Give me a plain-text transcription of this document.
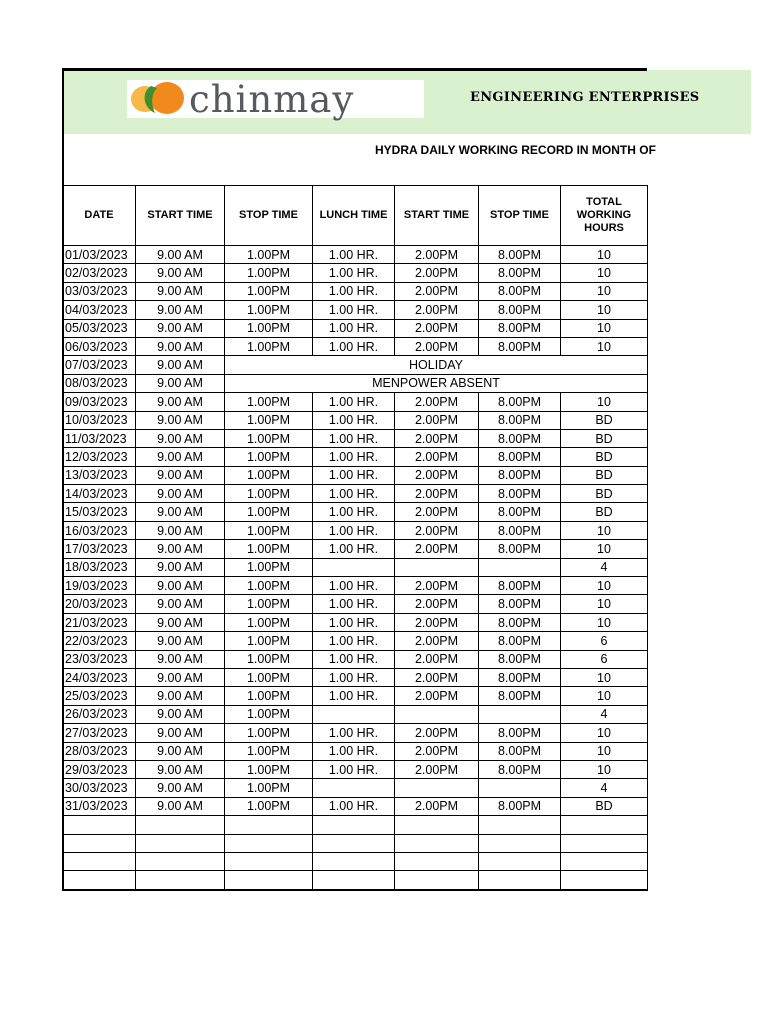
chinmay	ENGINEERING ENTERPRISES
HYDRA DAILY WORKING RECORD IN MONTH OF
DATE	START TIME	STOP TIME	LUNCH TIME	START TIME	STOP TIME	TOTAL WORKING HOURS
01/03/2023	9.00 AM	1.00PM	1.00 HR.	2.00PM	8.00PM	10
02/03/2023	9.00 AM	1.00PM	1.00 HR.	2.00PM	8.00PM	10
03/03/2023	9.00 AM	1.00PM	1.00 HR.	2.00PM	8.00PM	10
04/03/2023	9.00 AM	1.00PM	1.00 HR.	2.00PM	8.00PM	10
05/03/2023	9.00 AM	1.00PM	1.00 HR.	2.00PM	8.00PM	10
06/03/2023	9.00 AM	1.00PM	1.00 HR.	2.00PM	8.00PM	10
07/03/2023	9.00 AM	HOLIDAY				
08/03/2023	9.00 AM	MENPOWER ABSENT				
09/03/2023	9.00 AM	1.00PM	1.00 HR.	2.00PM	8.00PM	10
10/03/2023	9.00 AM	1.00PM	1.00 HR.	2.00PM	8.00PM	BD
11/03/2023	9.00 AM	1.00PM	1.00 HR.	2.00PM	8.00PM	BD
12/03/2023	9.00 AM	1.00PM	1.00 HR.	2.00PM	8.00PM	BD
13/03/2023	9.00 AM	1.00PM	1.00 HR.	2.00PM	8.00PM	BD
14/03/2023	9.00 AM	1.00PM	1.00 HR.	2.00PM	8.00PM	BD
15/03/2023	9.00 AM	1.00PM	1.00 HR.	2.00PM	8.00PM	BD
16/03/2023	9.00 AM	1.00PM	1.00 HR.	2.00PM	8.00PM	10
17/03/2023	9.00 AM	1.00PM	1.00 HR.	2.00PM	8.00PM	10
18/03/2023	9.00 AM	1.00PM				4
19/03/2023	9.00 AM	1.00PM	1.00 HR.	2.00PM	8.00PM	10
20/03/2023	9.00 AM	1.00PM	1.00 HR.	2.00PM	8.00PM	10
21/03/2023	9.00 AM	1.00PM	1.00 HR.	2.00PM	8.00PM	10
22/03/2023	9.00 AM	1.00PM	1.00 HR.	2.00PM	8.00PM	6
23/03/2023	9.00 AM	1.00PM	1.00 HR.	2.00PM	8.00PM	6
24/03/2023	9.00 AM	1.00PM	1.00 HR.	2.00PM	8.00PM	10
25/03/2023	9.00 AM	1.00PM	1.00 HR.	2.00PM	8.00PM	10
26/03/2023	9.00 AM	1.00PM				4
27/03/2023	9.00 AM	1.00PM	1.00 HR.	2.00PM	8.00PM	10
28/03/2023	9.00 AM	1.00PM	1.00 HR.	2.00PM	8.00PM	10
29/03/2023	9.00 AM	1.00PM	1.00 HR.	2.00PM	8.00PM	10
30/03/2023	9.00 AM	1.00PM				4
31/03/2023	9.00 AM	1.00PM	1.00 HR.	2.00PM	8.00PM	BD
